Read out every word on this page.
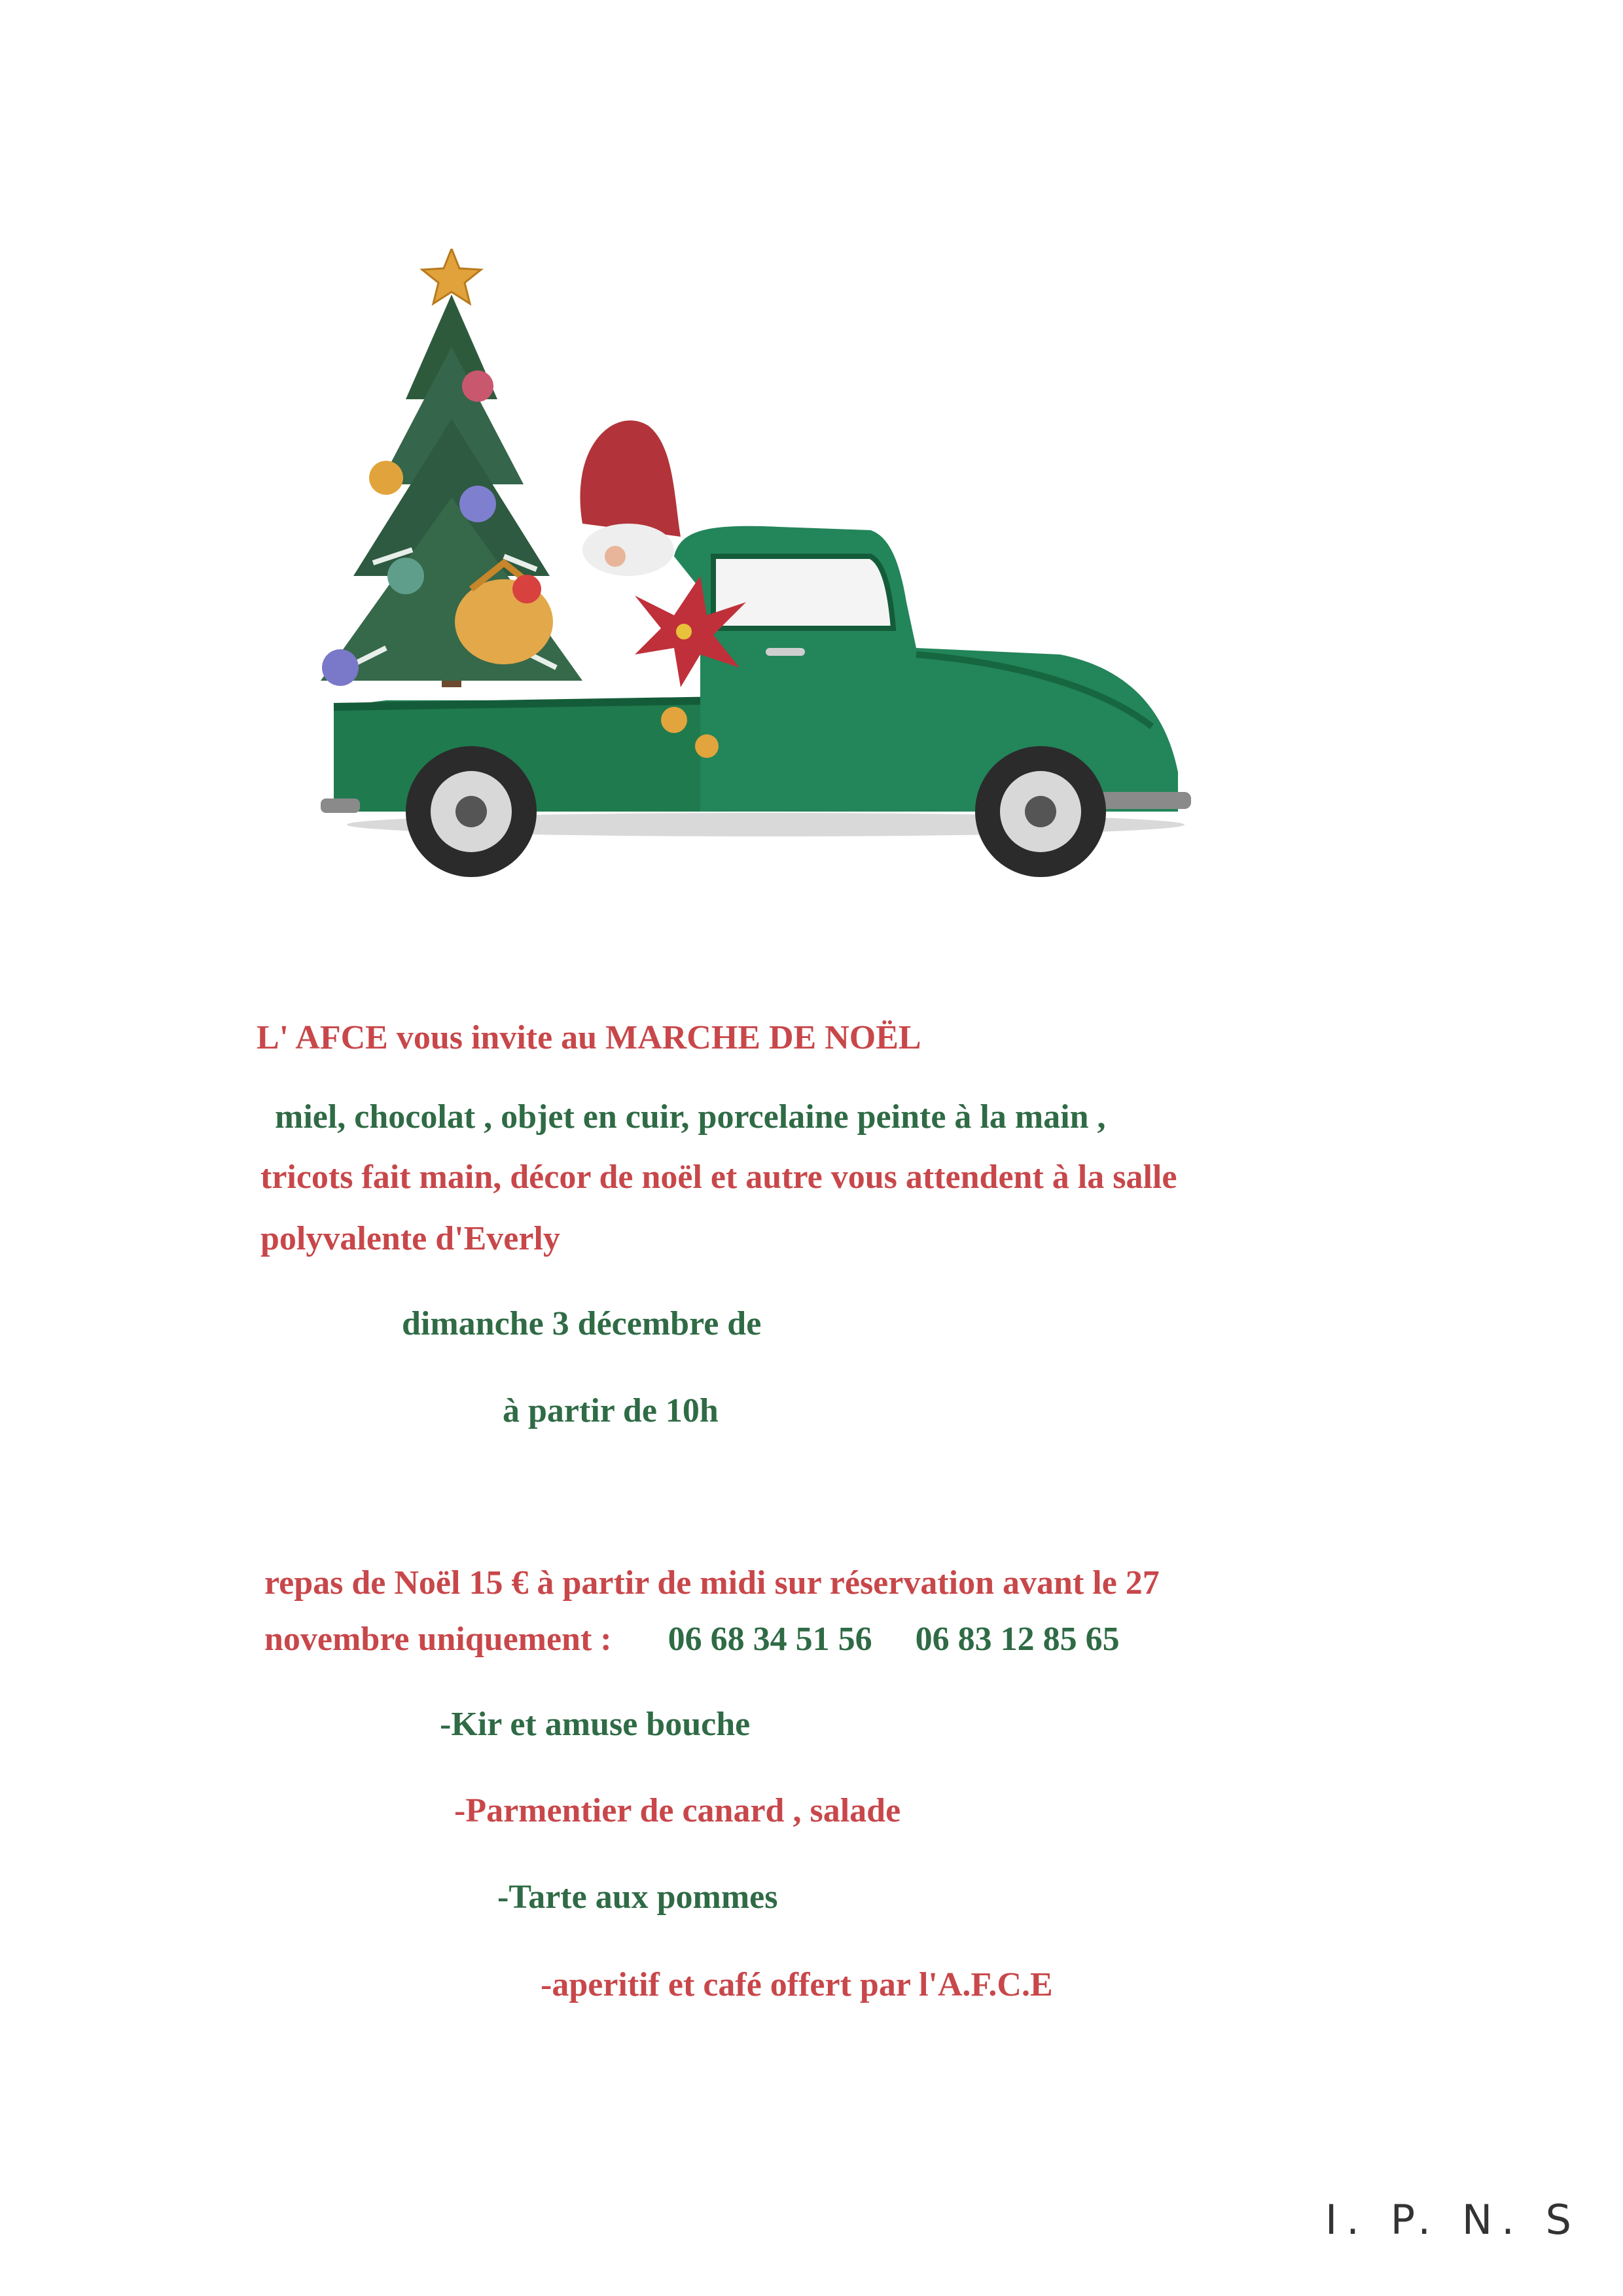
L' AFCE vous invite au MARCHE DE NOËL
miel, chocolat , objet en cuir, porcelaine peinte à la main ,
tricots fait main, décor de noël et autre vous attendent à la salle
polyvalente d'Everly
dimanche 3 décembre de
à partir de 10h
repas de Noël 15 € à partir de midi sur réservation avant le 27
novembre uniquement : 06 68 34 51 56 06 83 12 85 65
-Kir et amuse bouche
-Parmentier de canard , salade
-Tarte aux pommes
-aperitif et café offert par l'A.F.C.E
I. P. N. S
